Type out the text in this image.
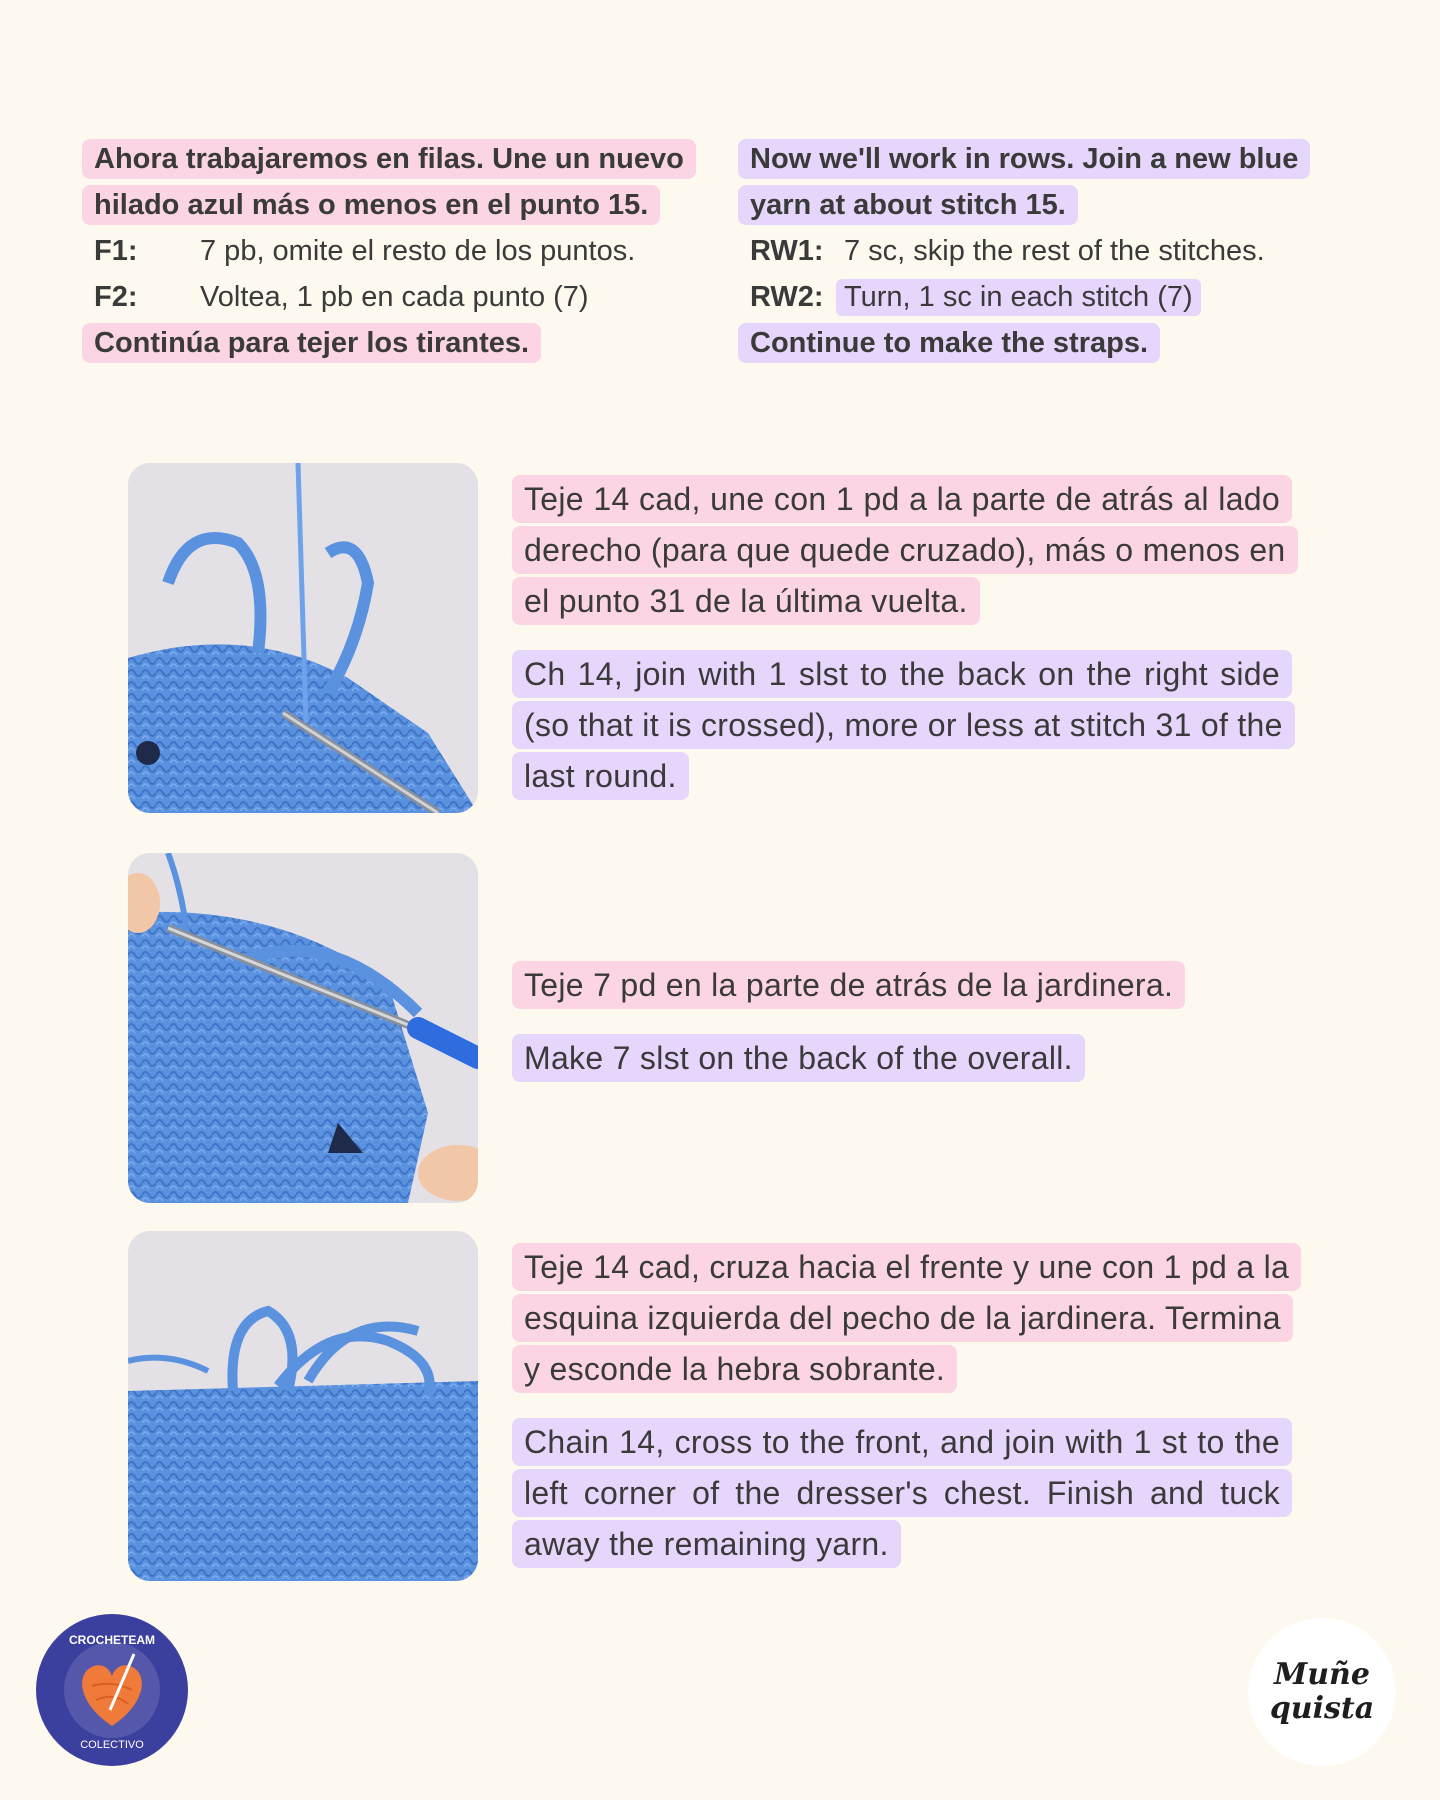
Ahora trabajaremos en filas. Une un nuevo
hilado azul más o menos en el punto 15.
F1:	7 pb, omite el resto de los puntos.
F2:	Voltea, 1 pb en cada punto (7)
Continúa para tejer los tirantes.
Now we'll work in rows. Join a new blue
yarn at about stitch 15.
RW1: 7 sc, skip the rest of the stitches.
RW2: Turn, 1 sc in each stitch (7)
Continue to make the straps.

Teje 14 cad, une con 1 pd a la parte de atrás al lado derecho (para que quede cruzado), más o menos en el punto 31 de la última vuelta.

Ch 14, join with 1 slst to the back on the right side (so that it is crossed), more or less at stitch 31 of the last round.

Teje 7 pd en la parte de atrás de la jardinera.

Make 7 slst on the back of the overall.

Teje 14 cad, cruza hacia el frente y une con 1 pd a la esquina izquierda del pecho de la jardinera. Termina y esconde la hebra sobrante.

Chain 14, cross to the front, and join with 1 st to the left corner of the dresser's chest. Finish and tuck away the remaining yarn.

CROCHETEAM
COLECTIVO
Muñe
quista
